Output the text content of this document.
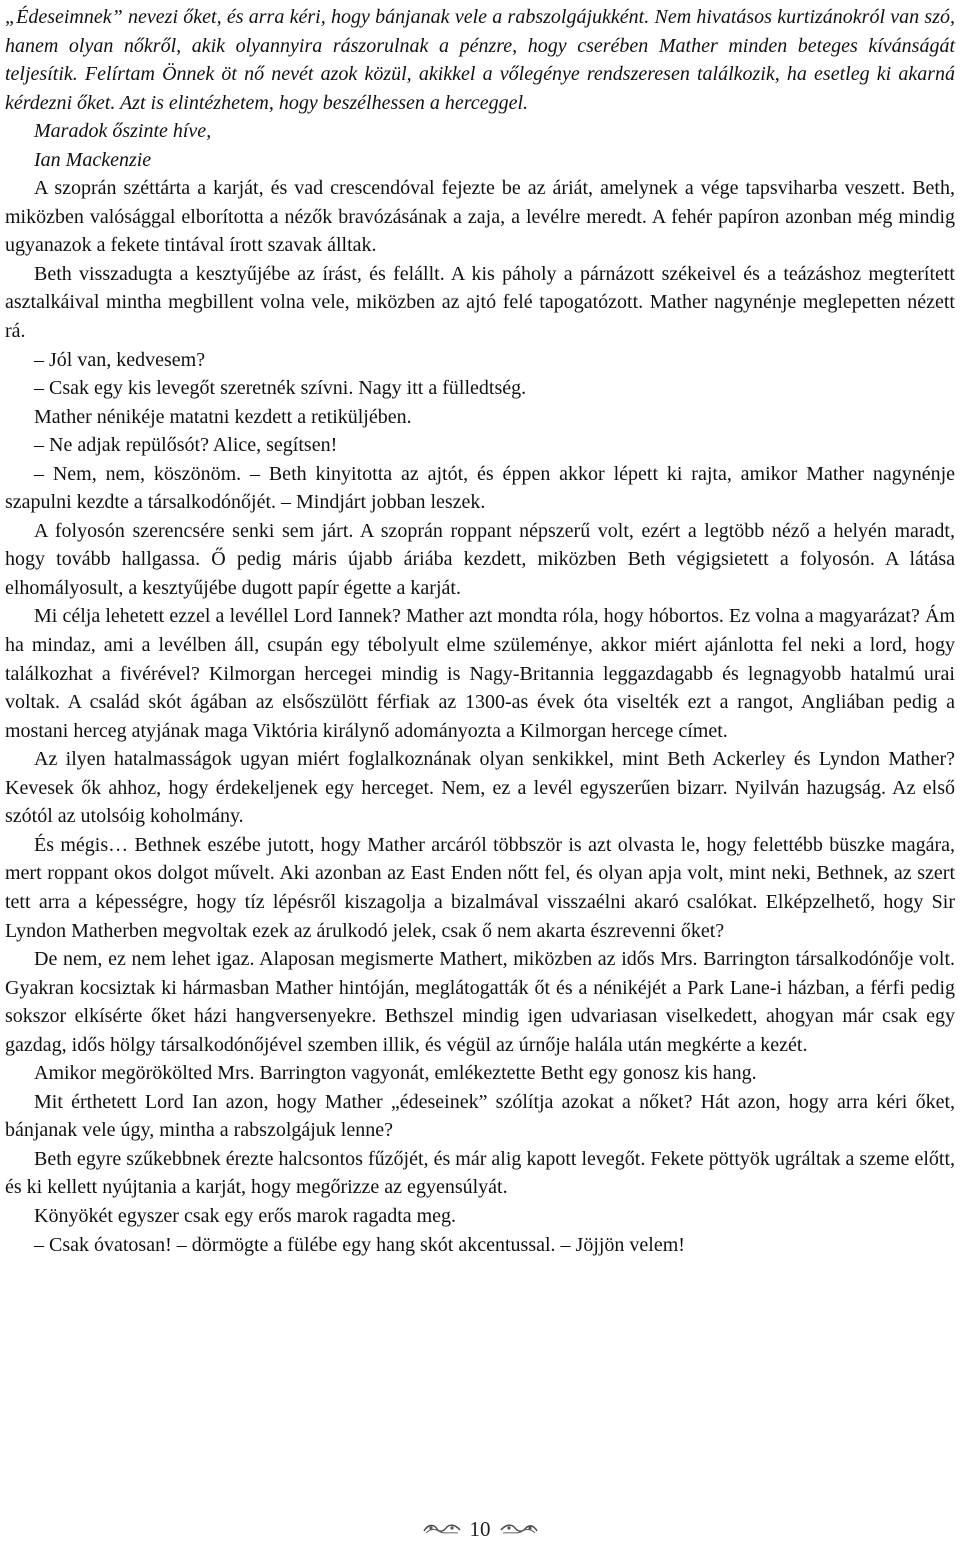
„Édeseimnek” nevezi őket, és arra kéri, hogy bánjanak vele a rabszolgájukként. Nem hivatásos kurtizánokról van szó, hanem olyan nőkről, akik olyannyira rászorulnak a pénzre, hogy cserében Mather minden beteges kívánságát teljesítik. Felírtam Önnek öt nő nevét azok közül, akikkel a vőlegénye rendszeresen találkozik, ha esetleg ki akarná kérdezni őket. Azt is elintézhetem, hogy beszélhessen a herceggel.

Maradok őszinte híve,

Ian Mackenzie

A szoprán széttárta a karját, és vad crescendóval fejezte be az áriát, amelynek a vége tapsviharba veszett. Beth, miközben valósággal elborította a nézők bravózásának a zaja, a levélre meredt. A fehér papíron azonban még mindig ugyanazok a fekete tintával írott szavak álltak.

Beth visszadugta a kesztyűjébe az írást, és felállt. A kis páholy a párnázott székeivel és a teázáshoz megterített asztalkáival mintha megbillent volna vele, miközben az ajtó felé tapogatózott. Mather nagynénje meglepetten nézett rá.

– Jól van, kedvesem?

– Csak egy kis levegőt szeretnék szívni. Nagy itt a fülledtség.

Mather nénikéje matatni kezdett a retiküljében.

– Ne adjak repülősót? Alice, segítsen!

– Nem, nem, köszönöm. – Beth kinyitotta az ajtót, és éppen akkor lépett ki rajta, amikor Mather nagynénje szapulni kezdte a társalkodónőjét. – Mindjárt jobban leszek.

A folyosón szerencsére senki sem járt. A szoprán roppant népszerű volt, ezért a legtöbb néző a helyén maradt, hogy tovább hallgassa. Ő pedig máris újabb áriába kezdett, miközben Beth végigsietett a folyosón. A látása elhomályosult, a kesztyűjébe dugott papír égette a karját.

Mi célja lehetett ezzel a levéllel Lord Iannek? Mather azt mondta róla, hogy hóbortos. Ez volna a magyarázat? Ám ha mindaz, ami a levélben áll, csupán egy tébolyult elme szüleménye, akkor miért ajánlotta fel neki a lord, hogy találkozhat a fivérével? Kilmorgan hercegei mindig is Nagy-Britannia leggazdagabb és legnagyobb hatalmú urai voltak. A család skót ágában az elsőszülött férfiak az 1300-as évek óta viselték ezt a rangot, Angliában pedig a mostani herceg atyjának maga Viktória királynő adományozta a Kilmorgan hercege címet.

Az ilyen hatalmasságok ugyan miért foglalkoznának olyan senkikkel, mint Beth Ackerley és Lyndon Mather? Kevesek ők ahhoz, hogy érdekeljenek egy herceget. Nem, ez a levél egyszerűen bizarr. Nyilván hazugság. Az első szótól az utolsóig koholmány.

És mégis… Bethnek eszébe jutott, hogy Mather arcáról többször is azt olvasta le, hogy felettébb büszke magára, mert roppant okos dolgot művelt. Aki azonban az East Enden nőtt fel, és olyan apja volt, mint neki, Bethnek, az szert tett arra a képességre, hogy tíz lépésről kiszagolja a bizalmával visszaélni akaró csalókat. Elképzelhető, hogy Sir Lyndon Matherben megvoltak ezek az árulkodó jelek, csak ő nem akarta észrevenni őket?

De nem, ez nem lehet igaz. Alaposan megismerte Mathert, miközben az idős Mrs. Barrington társalkodónője volt. Gyakran kocsiztak ki hármasban Mather hintóján, meglátogatták őt és a nénikéjét a Park Lane-i házban, a férfi pedig sokszor elkísérte őket házi hangversenyekre. Bethszel mindig igen udvariasan viselkedett, ahogyan már csak egy gazdag, idős hölgy társalkodónőjével szemben illik, és végül az úrnője halála után megkérte a kezét.

Amikor megörökölted Mrs. Barrington vagyonát, emlékeztette Betht egy gonosz kis hang.

Mit érthetett Lord Ian azon, hogy Mather „édeseinek” szólítja azokat a nőket? Hát azon, hogy arra kéri őket, bánjanak vele úgy, mintha a rabszolgájuk lenne?

Beth egyre szűkebbnek érezte halcsontos fűzőjét, és már alig kapott levegőt. Fekete pöttyök ugráltak a szeme előtt, és ki kellett nyújtania a karját, hogy megőrizze az egyensúlyát.

Könyökét egyszer csak egy erős marok ragadta meg.

– Csak óvatosan! – dörmögte a fülébe egy hang skót akcentussal. – Jöjjön velem!

10
